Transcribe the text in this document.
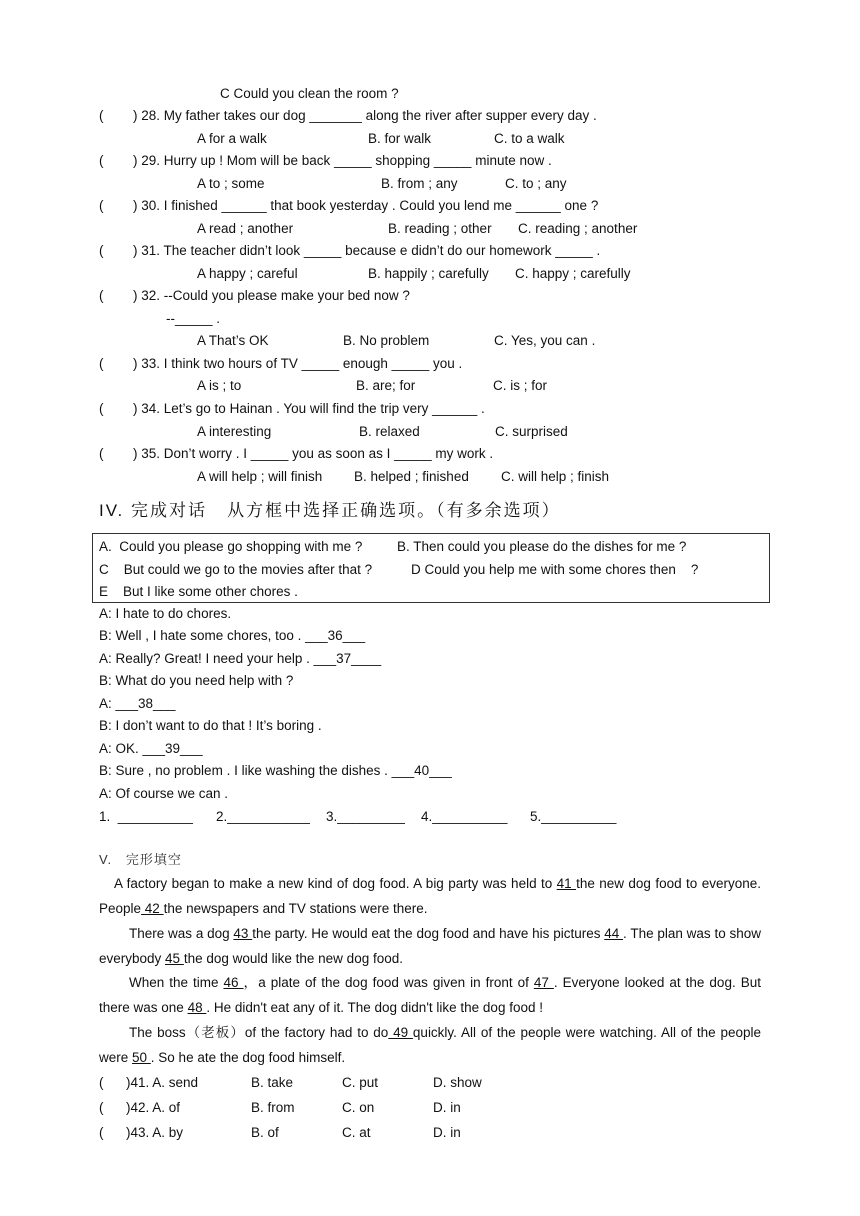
C Could you clean the room ?
( ) 28. My father takes our dog _______ along the river after supper every day .
A for a walk	B. for walk	C. to a walk
( ) 29. Hurry up ! Mom will be back _____ shopping _____ minute now .
A to ; some	B. from ; any	C. to ; any
( ) 30. I finished ______ that book yesterday . Could you lend me ______ one ?
A read ; another	B. reading ; other C. reading ; another
( ) 31. The teacher didn’t look _____ because e didn’t do our homework _____ .
A happy ; careful	B. happily ; carefully C. happy ; carefully
( ) 32. --Could you please make your bed now ?
--_____ .
A That’s OK	B. No problem	C. Yes, you can .
( ) 33. I think two hours of TV _____ enough _____ you .
A is ; to	B. are; for	C. is ; for
( ) 34. Let’s go to Hainan . You will find the trip very ______ .
A interesting	B. relaxed	C. surprised
( ) 35. Don’t worry . I _____ you as soon as I _____ my work .
A will help ; will finish B. helped ; finished C. will help ; finish
IV. 完成对话   从方框中选择正确选项。（有多余选项）
A.  Could you please go shopping with me ?	B. Then could you please do the dishes for me ?
C    But could we go to the movies after that ?	D Could you help me with some chores then    ?
E    But I like some other chores .
A: I hate to do chores.
B: Well , I hate some chores, too . ___36___
A: Really? Great! I need your help . ___37____
B: What do you need help with ?
A: ___38___
B: I don’t want to do that ! It’s boring .
A: OK. ___39___
B: Sure , no problem . I like washing the dishes . ___40___
A: Of course we can .
1.  __________ 2.___________ 3._________ 4.__________ 5.__________
V.   完形填空
A factory began to make a new kind of dog food. A big party was held to 41 the new dog food to everyone. People 42 the newspapers and TV stations were there.
There was a dog 43 the party. He would eat the dog food and have his pictures 44 . The plan was to show everybody 45 the dog would like the new dog food.
When the time 46 ，a plate of the dog food was given in front of 47 . Everyone looked at the dog. But there was one 48 . He didn't eat any of it. The dog didn't like the dog food !
The boss（老板）of the factory had to do 49 quickly. All of the people were watching. All of the people were 50 . So he ate the dog food himself.
( )41. A. send	B. take	C. put	D. show
( )42. A. of	B. from	C. on	D. in
( )43. A. by	B. of	C. at	D. in
